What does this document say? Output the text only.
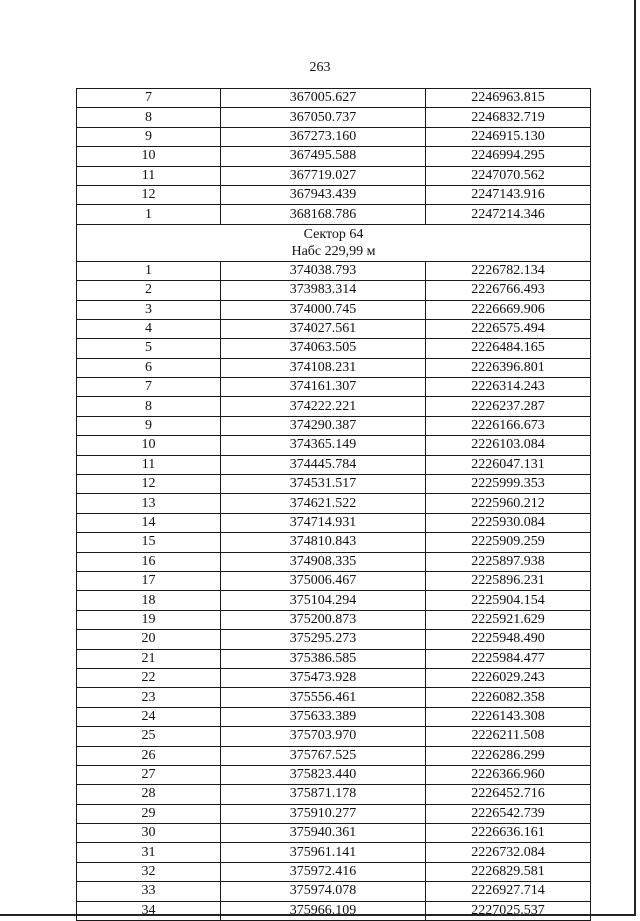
263
7	367005.627	2246963.815
8	367050.737	2246832.719
9	367273.160	2246915.130
10	367495.588	2246994.295
11	367719.027	2247070.562
12	367943.439	2247143.916
1	368168.786	2247214.346

Сектор 64
Нaбс 229,99 м		

1	374038.793	2226782.134
2	373983.314	2226766.493
3	374000.745	2226669.906
4	374027.561	2226575.494
5	374063.505	2226484.165
6	374108.231	2226396.801
7	374161.307	2226314.243
8	374222.221	2226237.287
9	374290.387	2226166.673
10	374365.149	2226103.084
11	374445.784	2226047.131
12	374531.517	2225999.353
13	374621.522	2225960.212
14	374714.931	2225930.084
15	374810.843	2225909.259
16	374908.335	2225897.938
17	375006.467	2225896.231
18	375104.294	2225904.154
19	375200.873	2225921.629
20	375295.273	2225948.490
21	375386.585	2225984.477
22	375473.928	2226029.243
23	375556.461	2226082.358
24	375633.389	2226143.308
25	375703.970	2226211.508
26	375767.525	2226286.299
27	375823.440	2226366.960
28	375871.178	2226452.716
29	375910.277	2226542.739
30	375940.361	2226636.161
31	375961.141	2226732.084
32	375972.416	2226829.581
33	375974.078	2226927.714
34	375966.109	2227025.537
